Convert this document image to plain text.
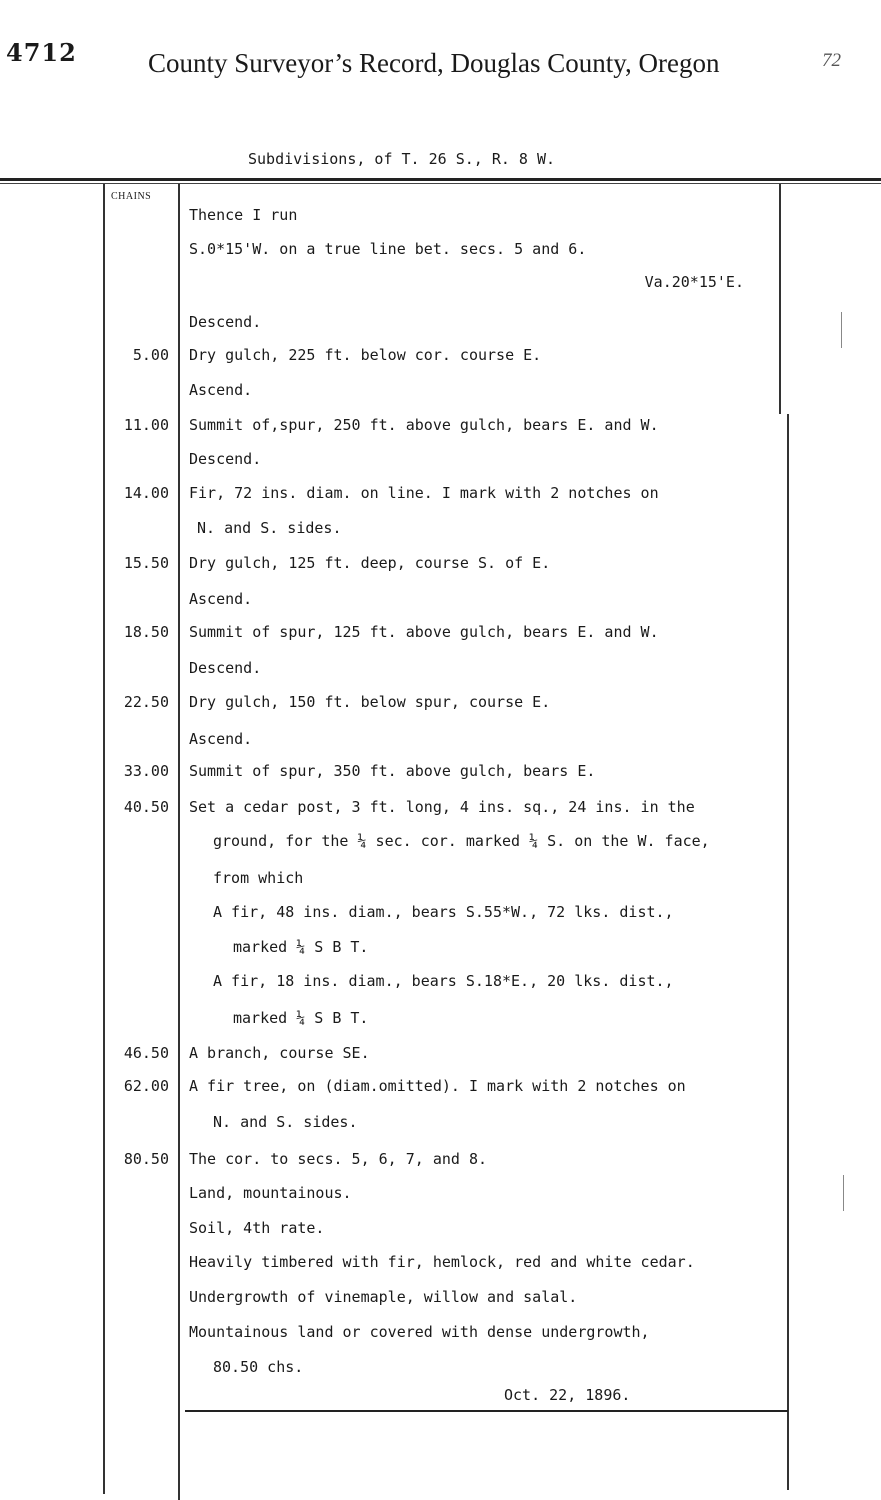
4712	County Surveyor’s Record, Douglas County, Oregon	72
Subdivisions, of T. 26 S., R. 8 W.
CHAINS
Thence I run
S.0*15'W. on a true line bet. secs. 5 and 6.
Va.20*15'E.
Descend.
5.00 Dry gulch, 225 ft. below cor. course E.
Ascend.
11.00 Summit of,spur, 250 ft. above gulch, bears E. and W.
Descend.
14.00 Fir, 72 ins. diam. on line. I mark with 2 notches on
N. and S. sides.
15.50 Dry gulch, 125 ft. deep, course S. of E.
Ascend.
18.50 Summit of spur, 125 ft. above gulch, bears E. and W.
Descend.
22.50 Dry gulch, 150 ft. below spur, course E.
Ascend.
33.00 Summit of spur, 350 ft. above gulch, bears E.
40.50 Set a cedar post, 3 ft. long, 4 ins. sq., 24 ins. in the
ground, for the ¼ sec. cor. marked ¼ S. on the W. face,
from which
A fir, 48 ins. diam., bears S.55*W., 72 lks. dist.,
marked ¼ S B T.
A fir, 18 ins. diam., bears S.18*E., 20 lks. dist.,
marked ¼ S B T.
46.50 A branch, course SE.
62.00 A fir tree, on (diam.omitted). I mark with 2 notches on
N. and S. sides.
80.50 The cor. to secs. 5, 6, 7, and 8.
Land, mountainous.
Soil, 4th rate.
Heavily timbered with fir, hemlock, red and white cedar.
Undergrowth of vinemaple, willow and salal.
Mountainous land or covered with dense undergrowth,
80.50 chs.
Oct. 22, 1896.
